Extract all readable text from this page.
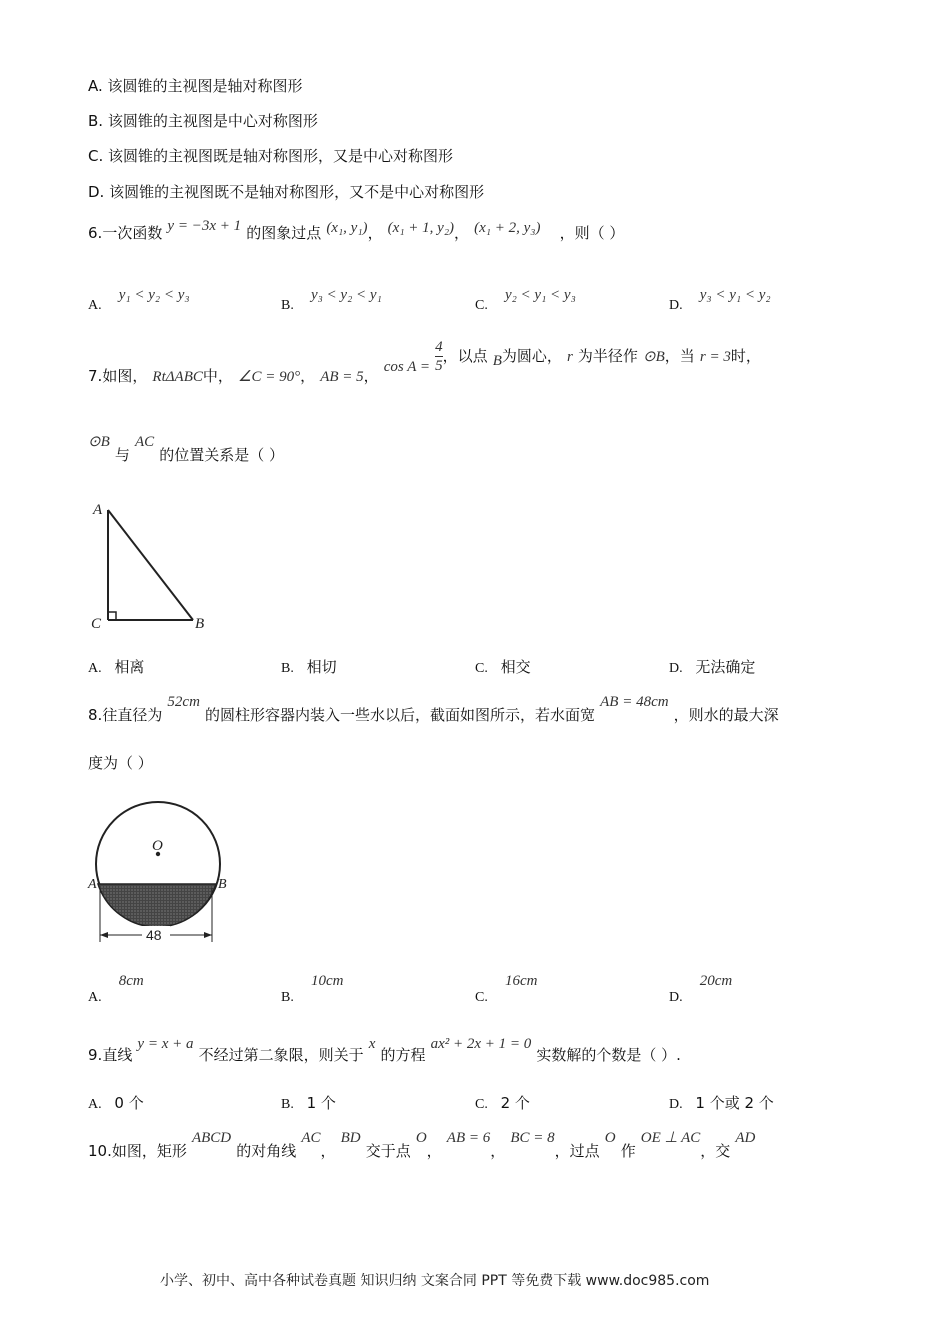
A. 该圆锥的主视图是轴对称图形
B. 该圆锥的主视图是中心对称图形
C. 该圆锥的主视图既是轴对称图形，又是中心对称图形
D. 该圆锥的主视图既不是轴对称图形，又不是中心对称图形
6.一次函数 y = −3x + 1 的图象过点 (x₁, y₁)， (x₁ + 1, y₂)， (x₁ + 2, y₃) ，则（ ）
A. y₁ < y₂ < y₃
B. y₃ < y₂ < y₁
C. y₂ < y₁ < y₃
D. y₃ < y₁ < y₂
7.如图， RtΔABC中， ∠C = 90°， AB = 5， $\cos A = \frac{4}{5}$ ，以点 B为圆心， r 为半径作 ⊙B，当 r = 3时，
⊙B 与 AC 的位置关系是（ ）
A
C	B
A. 相离	B. 相切	C. 相交	D. 无法确定
8.往直径为 52cm 的圆柱形容器内装入一些水以后，截面如图所示，若水面宽 AB = 48cm ，则水的最大深
度为（ ）
O
A	B
48
A. 8cm
B. 10cm
C. 16cm
D. 20cm
9.直线 y = x + a 不经过第二象限，则关于 x 的方程 ax² + 2x + 1 = 0 实数解的个数是（ ）.
A. 0 个	B. 1 个	C. 2 个	D. 1 个或 2 个
10.如图，矩形 ABCD 的对角线 AC， BD 交于点 O， AB = 6， BC = 8，过点 O 作 OE ⊥ AC，交 AD
小学、初中、高中各种试卷真题 知识归纳 文案合同 PPT 等免费下载 www.doc985.com
